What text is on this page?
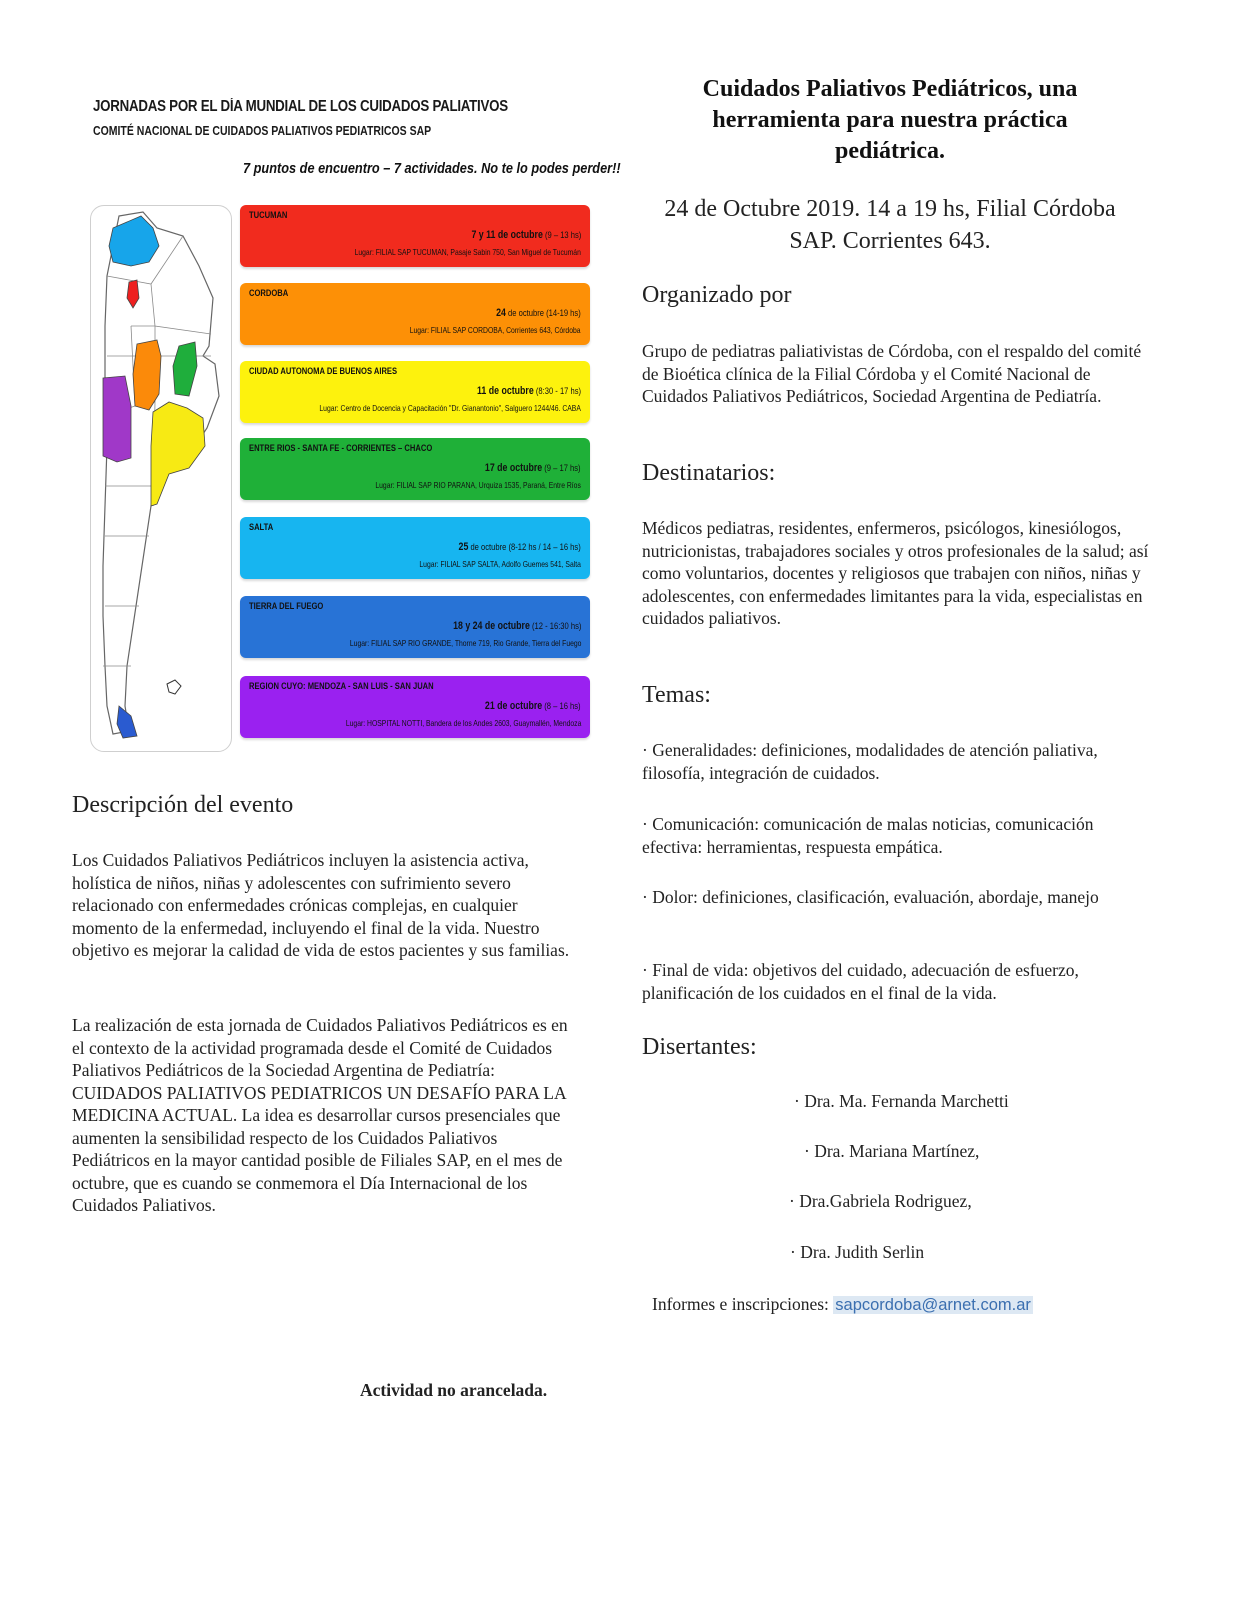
JORNADAS POR EL DÍA MUNDIAL DE LOS CUIDADOS PALIATIVOS
COMITÉ NACIONAL DE CUIDADOS PALIATIVOS PEDIATRICOS SAP
7 puntos de encuentro – 7 actividades. No te lo podes perder!!
TUCUMAN
7 y 11 de octubre (9 – 13 hs)
Lugar: FILIAL SAP TUCUMAN, Pasaje Sabin 750, San Miguel de Tucumán
CORDOBA
24 de octubre (14-19 hs)
Lugar: FILIAL SAP CORDOBA, Corrientes 643, Córdoba
CIUDAD AUTONOMA DE BUENOS AIRES
11 de octubre (8:30 - 17 hs)
Lugar: Centro de Docencia y Capacitación "Dr. Gianantonio", Salguero 1244/46. CABA
ENTRE RIOS - SANTA FE - CORRIENTES – CHACO
17 de octubre (9 – 17 hs)
Lugar: FILIAL SAP RIO PARANA, Urquiza 1535, Paraná, Entre Ríos
SALTA
25 de octubre (8-12 hs / 14 – 16 hs)
Lugar: FILIAL SAP SALTA, Adolfo Guemes 541, Salta
TIERRA DEL FUEGO
18 y 24 de octubre (12 - 16:30 hs)
Lugar: FILIAL SAP RIO GRANDE, Thorne 719, Rio Grande, Tierra del Fuego
REGION CUYO: MENDOZA - SAN LUIS - SAN JUAN
21 de octubre (8 – 16 hs)
Lugar: HOSPITAL NOTTI, Bandera de los Andes 2603, Guaymallén, Mendoza
Cuidados Paliativos Pediátricos, una herramienta para nuestra práctica pediátrica.
24 de Octubre 2019. 14 a 19 hs, Filial Córdoba SAP. Corrientes 643.
Organizado por
Grupo de pediatras paliativistas de Córdoba, con el respaldo del comité de Bioética clínica de la Filial Córdoba y el Comité Nacional de Cuidados Paliativos Pediátricos, Sociedad Argentina de Pediatría.
Destinatarios:
Médicos pediatras, residentes, enfermeros, psicólogos, kinesiólogos, nutricionistas, trabajadores sociales y otros profesionales de la salud; así como voluntarios, docentes y religiosos que trabajen con niños, niñas y adolescentes, con enfermedades limitantes para la vida, especialistas en cuidados paliativos.
Temas:
· Generalidades: definiciones, modalidades de atención paliativa, filosofía, integración de cuidados.
· Comunicación: comunicación de malas noticias, comunicación efectiva: herramientas, respuesta empática.
· Dolor: definiciones, clasificación, evaluación, abordaje, manejo
· Final de vida: objetivos del cuidado, adecuación de esfuerzo, planificación de los cuidados en el final de la vida.
Disertantes:
· Dra. Ma. Fernanda Marchetti
· Dra. Mariana Martínez,
· Dra.Gabriela Rodriguez,
· Dra. Judith Serlin
Informes e inscripciones: sapcordoba@arnet.com.ar
Descripción del evento
Los Cuidados Paliativos Pediátricos incluyen la asistencia activa, holística de niños, niñas y adolescentes con sufrimiento severo relacionado con enfermedades crónicas complejas, en cualquier momento de la enfermedad, incluyendo el final de la vida. Nuestro objetivo es mejorar la calidad de vida de estos pacientes y sus familias.
La realización de esta jornada de Cuidados Paliativos Pediátricos es en el contexto de la actividad programada desde el Comité de Cuidados Paliativos Pediátricos de la Sociedad Argentina de Pediatría: CUIDADOS PALIATIVOS PEDIATRICOS UN DESAFÍO PARA LA MEDICINA ACTUAL. La idea es desarrollar cursos presenciales que aumenten la sensibilidad respecto de los Cuidados Paliativos Pediátricos en la mayor cantidad posible de Filiales SAP, en el mes de octubre, que es cuando se conmemora el Día Internacional de los Cuidados Paliativos.
Actividad no arancelada.
